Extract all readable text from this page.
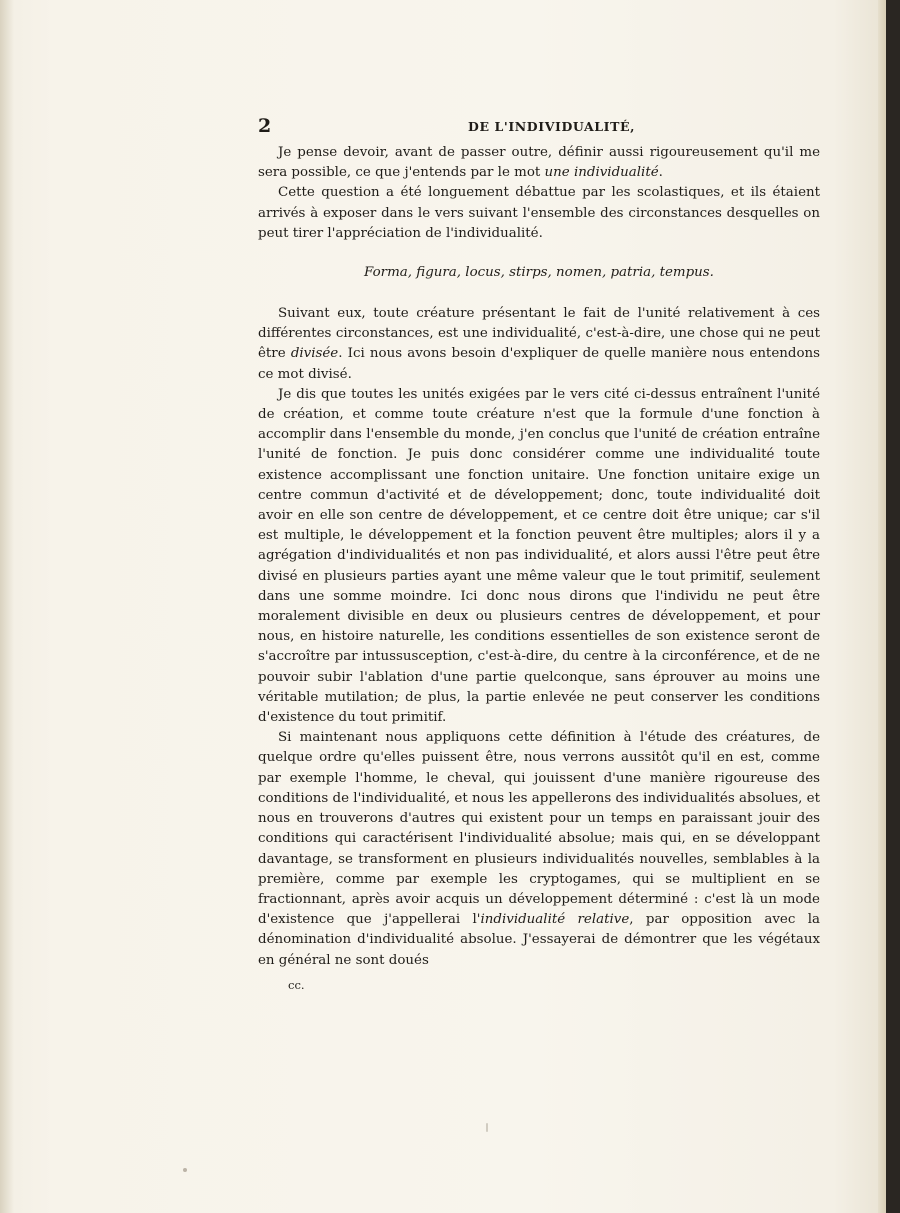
2	DE L'INDIVIDUALITÉ,

Je pense devoir, avant de passer outre, définir aussi rigoureusement qu'il me sera possible, ce que j'entends par le mot une individualité.

Cette question a été longuement débattue par les scolastiques, et ils étaient arrivés à exposer dans le vers suivant l'ensemble des circonstances desquelles on peut tirer l'appréciation de l'individualité.

Forma, figura, locus, stirps, nomen, patria, tempus.

Suivant eux, toute créature présentant le fait de l'unité relativement à ces différentes circonstances, est une individualité, c'est-à-dire, une chose qui ne peut être divisée. Ici nous avons besoin d'expliquer de quelle manière nous entendons ce mot divisé.

Je dis que toutes les unités exigées par le vers cité ci-dessus entraînent l'unité de création, et comme toute créature n'est que la formule d'une fonction à accomplir dans l'ensemble du monde, j'en conclus que l'unité de création entraîne l'unité de fonction. Je puis donc considérer comme une individualité toute existence accomplissant une fonction unitaire. Une fonction unitaire exige un centre commun d'activité et de développement; donc, toute individualité doit avoir en elle son centre de développement, et ce centre doit être unique; car s'il est multiple, le développement et la fonction peuvent être multiples; alors il y a agrégation d'individualités et non pas individualité, et alors aussi l'être peut être divisé en plusieurs parties ayant une même valeur que le tout primitif, seulement dans une somme moindre. Ici donc nous dirons que l'individu ne peut être moralement divisible en deux ou plusieurs centres de développement, et pour nous, en histoire naturelle, les conditions essentielles de son existence seront de s'accroître par intussusception, c'est-à-dire, du centre à la circonférence, et de ne pouvoir subir l'ablation d'une partie quelconque, sans éprouver au moins une véritable mutilation; de plus, la partie enlevée ne peut conserver les conditions d'existence du tout primitif.

Si maintenant nous appliquons cette définition à l'étude des créatures, de quelque ordre qu'elles puissent être, nous verrons aussitôt qu'il en est, comme par exemple l'homme, le cheval, qui jouissent d'une manière rigoureuse des conditions de l'individualité, et nous les appellerons des individualités absolues, et nous en trouverons d'autres qui existent pour un temps en paraissant jouir des conditions qui caractérisent l'individualité absolue; mais qui, en se développant davantage, se transforment en plusieurs individualités nouvelles, semblables à la première, comme par exemple les cryptogames, qui se multiplient en se fractionnant, après avoir acquis un développement déterminé : c'est là un mode d'existence que j'appellerai l'individualité relative, par opposition avec la dénomination d'individualité absolue. J'essayerai de démontrer que les végétaux en général ne sont doués

cc.
